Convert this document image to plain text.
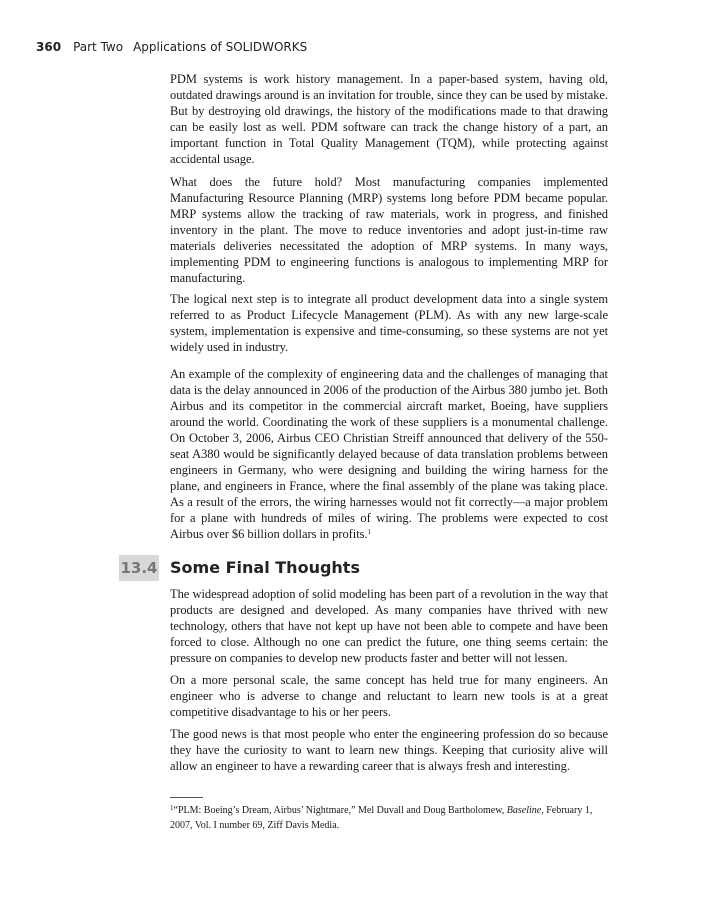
360 Part Two Applications of SOLIDWORKS

PDM systems is work history management. In a paper-based system, having old, outdated drawings around is an invitation for trouble, since they can be used by mistake. But by destroying old drawings, the history of the modifications made to that drawing can be easily lost as well. PDM software can track the change history of a part, an important function in Total Quality Management (TQM), while protecting against accidental usage.

What does the future hold? Most manufacturing companies implemented Manufacturing Resource Planning (MRP) systems long before PDM became popular. MRP systems allow the tracking of raw materials, work in progress, and finished inventory in the plant. The move to reduce inventories and adopt just-in-time raw materials deliveries necessitated the adoption of MRP systems. In many ways, implementing PDM to engineering functions is analogous to implementing MRP for manufacturing.

The logical next step is to integrate all product development data into a single system referred to as Product Lifecycle Management (PLM). As with any new large-scale system, implementation is expensive and time-consuming, so these systems are not yet widely used in industry.

An example of the complexity of engineering data and the challenges of managing that data is the delay announced in 2006 of the production of the Airbus 380 jumbo jet. Both Airbus and its competitor in the commercial aircraft market, Boeing, have suppliers around the world. Coordinating the work of these suppliers is a monumental challenge. On October 3, 2006, Airbus CEO Christian Streiff announced that delivery of the 550-seat A380 would be significantly delayed because of data translation problems between engineers in Germany, who were designing and building the wiring harness for the plane, and engineers in France, where the final assembly of the plane was taking place. As a result of the errors, the wiring harnesses would not fit correctly—a major problem for a plane with hundreds of miles of wiring. The problems were expected to cost Airbus over $6 billion dollars in profits.$^1$

13.4 Some Final Thoughts

The widespread adoption of solid modeling has been part of a revolution in the way that products are designed and developed. As many companies have thrived with new technology, others that have not kept up have not been able to compete and have been forced to close. Although no one can predict the future, one thing seems certain: the pressure on companies to develop new products faster and better will not lessen.

On a more personal scale, the same concept has held true for many engineers. An engineer who is adverse to change and reluctant to learn new tools is at a great competitive disadvantage to his or her peers.

The good news is that most people who enter the engineering profession do so because they have the curiosity to want to learn new things. Keeping that curiosity alive will allow an engineer to have a rewarding career that is always fresh and interesting.

$^1$“PLM: Boeing’s Dream, Airbus’ Nightmare,” Mel Duvall and Doug Bartholomew, Baseline, February 1, 2007, Vol. I number 69, Ziff Davis Media.
